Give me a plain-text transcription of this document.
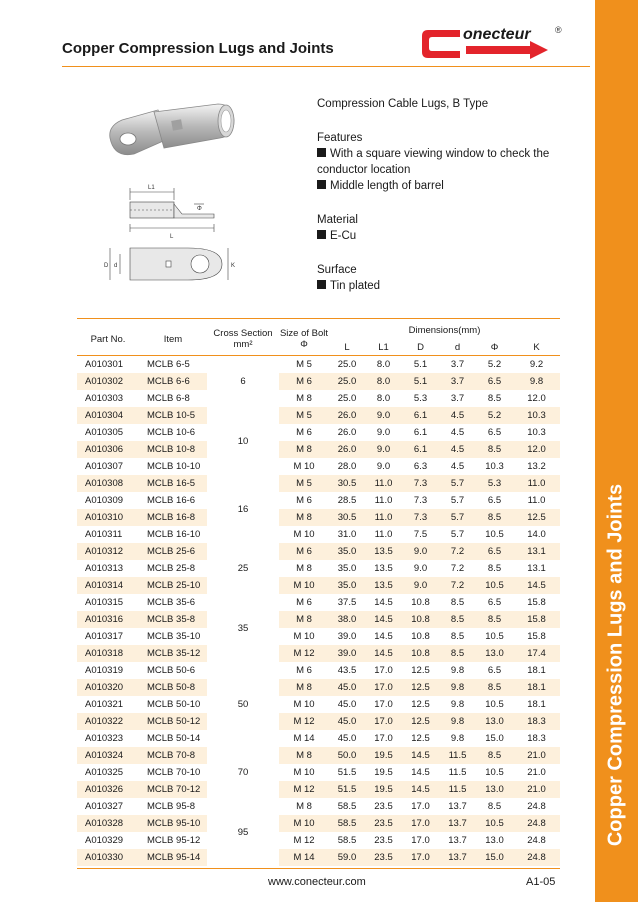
Copper Compression Lugs and Joints
onecteur	®
Copper Compression Lugs and Joints
L1
Φ
L
D d	K
Compression Cable Lugs, B Type
Features
With a square viewing window to check the conductor location
Middle length of barrel
Material
E-Cu
Surface
Tin plated
Part No.	Item	Cross Section
mm²	Size of Bolt
Φ	Dimensions(mm)					
				L	L1	D	d	Φ	K
A010301	MCLB 6-5	6	M 5	25.0	8.0	5.1	3.7	5.2	9.2
A010302	MCLB 6-6		M 6	25.0	8.0	5.1	3.7	6.5	9.8
A010303	MCLB 6-8		M 8	25.0	8.0	5.3	3.7	8.5	12.0
A010304	MCLB 10-5	10	M 5	26.0	9.0	6.1	4.5	5.2	10.3
A010305	MCLB 10-6		M 6	26.0	9.0	6.1	4.5	6.5	10.3
A010306	MCLB 10-8		M 8	26.0	9.0	6.1	4.5	8.5	12.0
A010307	MCLB 10-10		M 10	28.0	9.0	6.3	4.5	10.3	13.2
A010308	MCLB 16-5	16	M 5	30.5	11.0	7.3	5.7	5.3	11.0
A010309	MCLB 16-6		M 6	28.5	11.0	7.3	5.7	6.5	11.0
A010310	MCLB 16-8		M 8	30.5	11.0	7.3	5.7	8.5	12.5
A010311	MCLB 16-10		M 10	31.0	11.0	7.5	5.7	10.5	14.0
A010312	MCLB 25-6	25	M 6	35.0	13.5	9.0	7.2	6.5	13.1
A010313	MCLB 25-8		M 8	35.0	13.5	9.0	7.2	8.5	13.1
A010314	MCLB 25-10		M 10	35.0	13.5	9.0	7.2	10.5	14.5
A010315	MCLB 35-6	35	M 6	37.5	14.5	10.8	8.5	6.5	15.8
A010316	MCLB 35-8		M 8	38.0	14.5	10.8	8.5	8.5	15.8
A010317	MCLB 35-10		M 10	39.0	14.5	10.8	8.5	10.5	15.8
A010318	MCLB 35-12		M 12	39.0	14.5	10.8	8.5	13.0	17.4
A010319	MCLB 50-6	50	M 6	43.5	17.0	12.5	9.8	6.5	18.1
A010320	MCLB 50-8		M 8	45.0	17.0	12.5	9.8	8.5	18.1
A010321	MCLB 50-10		M 10	45.0	17.0	12.5	9.8	10.5	18.1
A010322	MCLB 50-12		M 12	45.0	17.0	12.5	9.8	13.0	18.3
A010323	MCLB 50-14		M 14	45.0	17.0	12.5	9.8	15.0	18.3
A010324	MCLB 70-8	70	M 8	50.0	19.5	14.5	11.5	8.5	21.0
A010325	MCLB 70-10		M 10	51.5	19.5	14.5	11.5	10.5	21.0
A010326	MCLB 70-12		M 12	51.5	19.5	14.5	11.5	13.0	21.0
A010327	MCLB 95-8	95	M 8	58.5	23.5	17.0	13.7	8.5	24.8
A010328	MCLB 95-10		M 10	58.5	23.5	17.0	13.7	10.5	24.8
A010329	MCLB 95-12		M 12	58.5	23.5	17.0	13.7	13.0	24.8
A010330	MCLB 95-14		M 14	59.0	23.5	17.0	13.7	15.0	24.8
www.conecteur.com	A1-05
